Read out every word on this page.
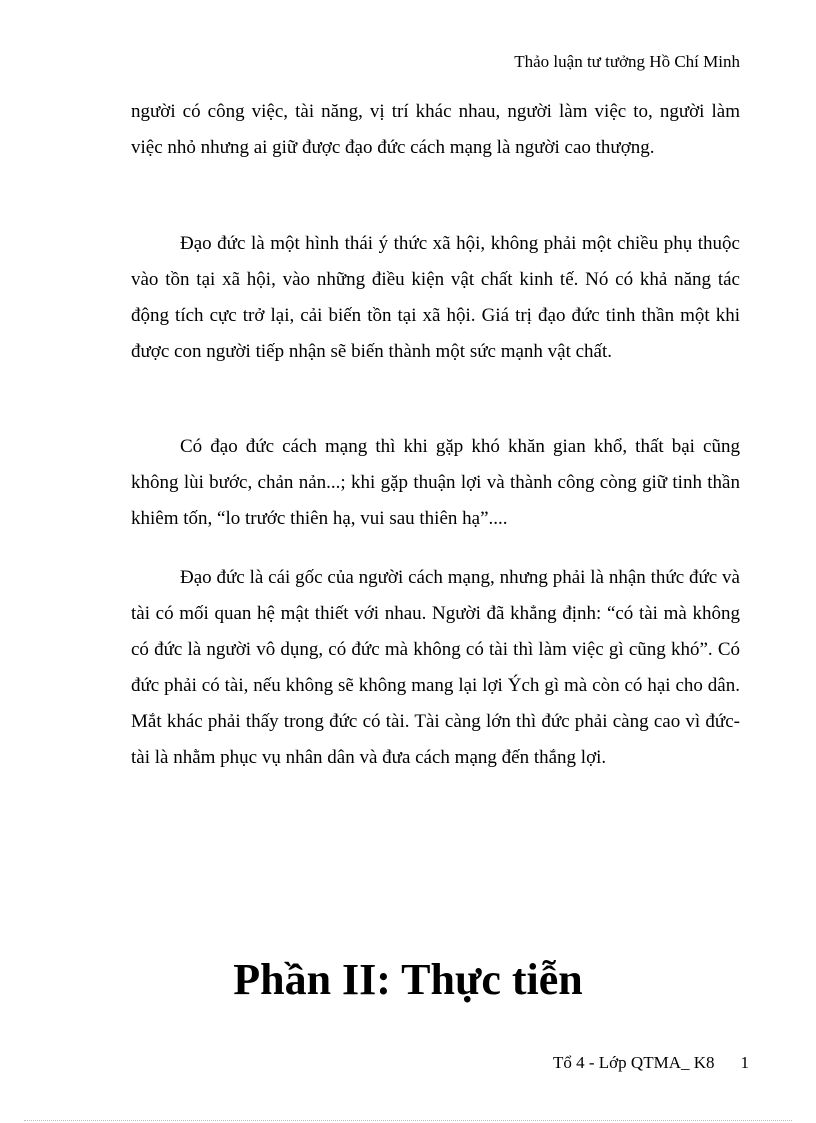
Thảo luận tư tưởng Hồ Chí Minh

người có công việc, tài năng, vị trí khác nhau, người làm việc to, người làm việc nhỏ nhưng ai giữ được đạo đức cách mạng là người cao thượng.

Đạo đức là một hình thái ý thức xã hội, không phải một chiều phụ thuộc vào tồn tại xã hội, vào những điều kiện vật chất kinh tế. Nó có khả năng tác động tích cực trở lại, cải biến tồn tại xã hội. Giá trị đạo đức tinh thần một khi được con người tiếp nhận sẽ biến thành một sức mạnh vật chất.

Có đạo đức cách mạng thì khi gặp khó khăn gian khổ, thất bại cũng không lùi bước, chản nản...; khi gặp thuận lợi và thành công còng giữ tinh thần khiêm tốn, “lo trước thiên hạ, vui sau thiên hạ”....

Đạo đức là cái gốc của người cách mạng, nhưng phải là nhận thức đức và tài có mối quan hệ mật thiết với nhau. Người đã khẳng định: “có tài mà không có đức là người vô dụng, có đức mà không có tài thì làm việc gì cũng khó”. Có đức phải có tài, nếu không sẽ không mang lại lợi Ých gì mà còn có hại cho dân. Mắt khác phải thấy trong đức có tài. Tài càng lớn thì đức phải càng cao vì đức- tài là nhằm phục vụ nhân dân và đưa cách mạng đến thắng lợi.

Phần II: Thực tiễn
Tổ 4 - Lớp QTMA_ K8 1
